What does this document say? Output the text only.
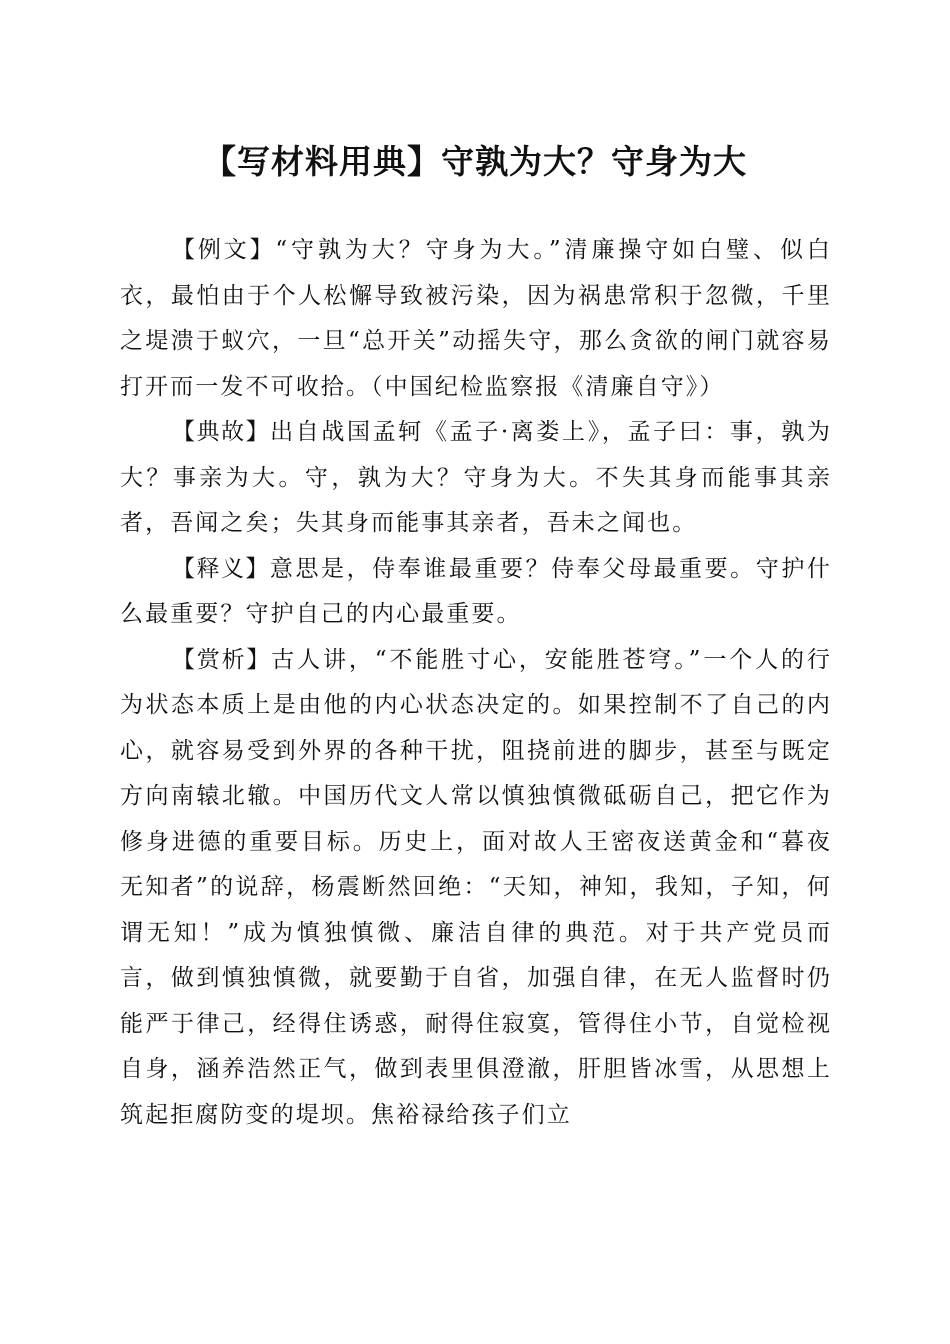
【写材料用典】守孰为大？守身为大

【例文】“守孰为大？守身为大。”清廉操守如白璧、似白衣，最怕由于个人松懈导致被污染，因为祸患常积于忽微，千里之堤溃于蚁穴，一旦“总开关”动摇失守，那么贪欲的闸门就容易打开而一发不可收拾。（中国纪检监察报《清廉自守》）

【典故】出自战国孟轲《孟子·离娄上》，孟子曰：事，孰为大？事亲为大。守，孰为大？守身为大。不失其身而能事其亲者，吾闻之矣；失其身而能事其亲者，吾未之闻也。

【释义】意思是，侍奉谁最重要？侍奉父母最重要。守护什么最重要？守护自己的内心最重要。

【赏析】古人讲，“不能胜寸心，安能胜苍穹。”一个人的行为状态本质上是由他的内心状态决定的。如果控制不了自己的内心，就容易受到外界的各种干扰，阻挠前进的脚步，甚至与既定方向南辕北辙。中国历代文人常以慎独慎微砥砺自己，把它作为修身进德的重要目标。历史上，面对故人王密夜送黄金和“暮夜无知者”的说辞，杨震断然回绝：“天知，神知，我知，子知，何谓无知！”成为慎独慎微、廉洁自律的典范。对于共产党员而言，做到慎独慎微，就要勤于自省，加强自律，在无人监督时仍能严于律己，经得住诱惑，耐得住寂寞，管得住小节，自觉检视自身，涵养浩然正气，做到表里俱澄澈，肝胆皆冰雪，从思想上筑起拒腐防变的堤坝。焦裕禄给孩子们立
